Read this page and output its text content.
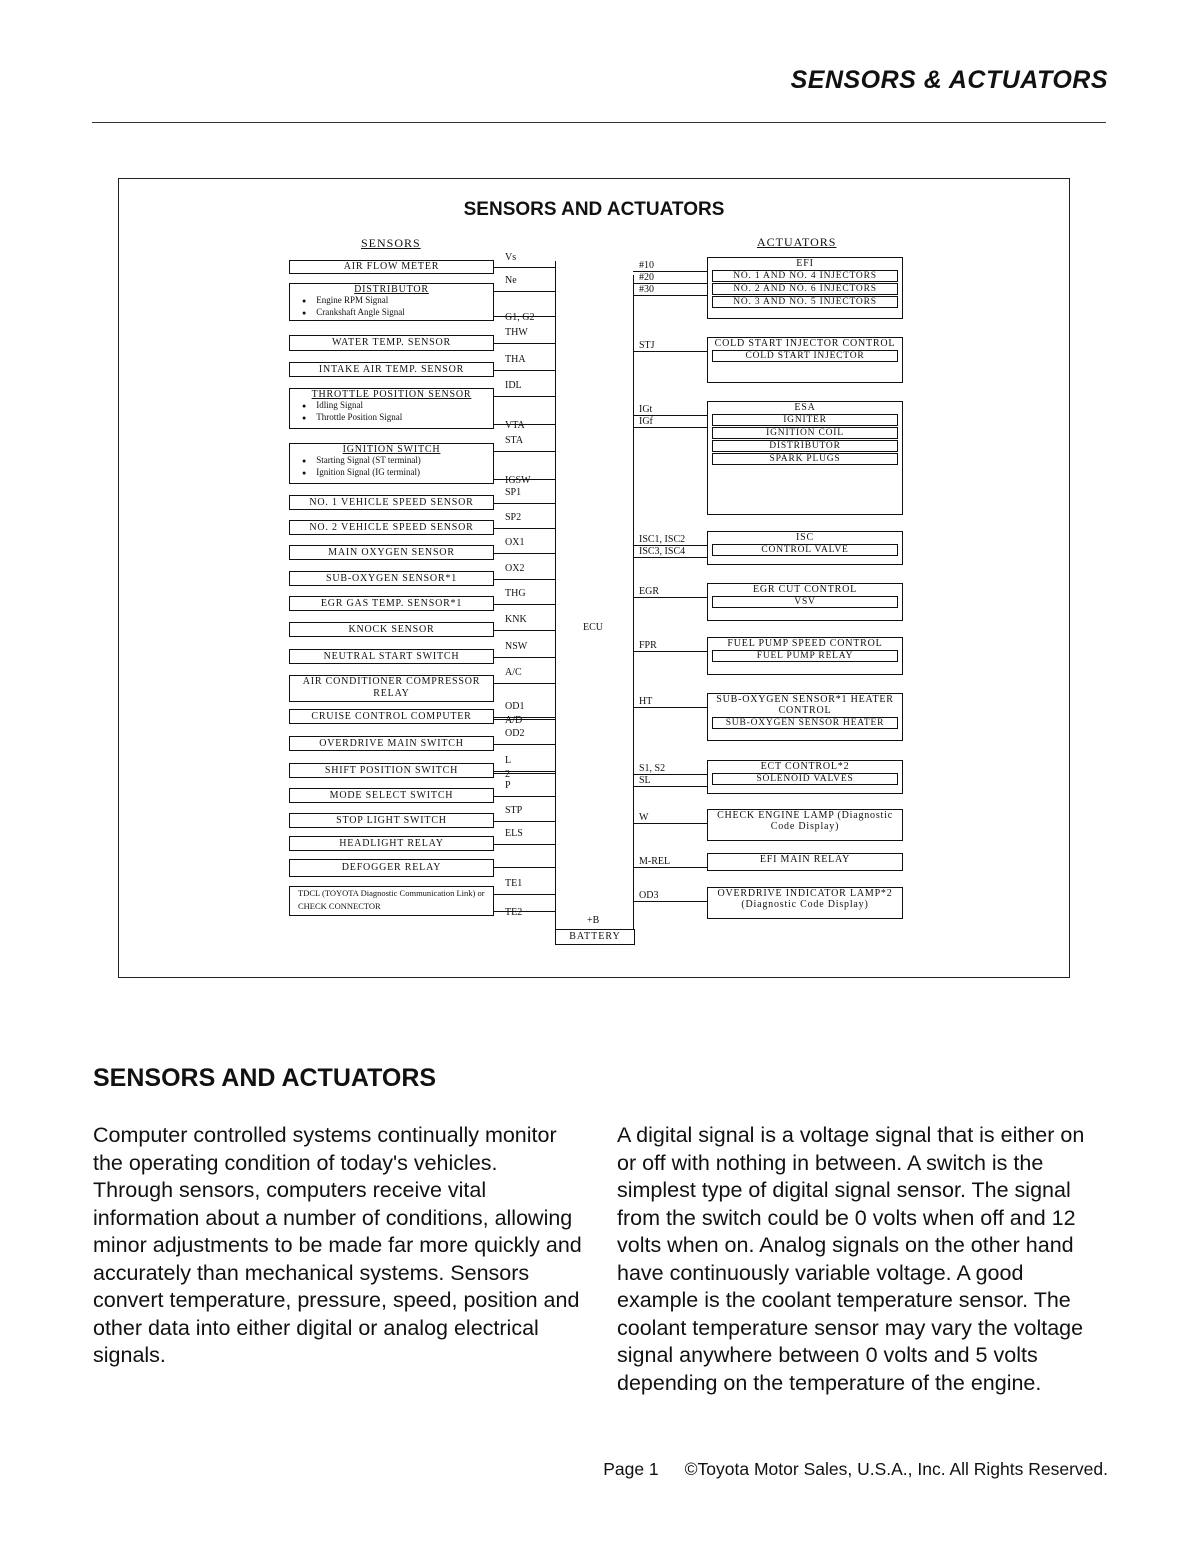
SENSORS & ACTUATORS
SENSORS AND ACTUATORS
SENSORS	ACTUATORS
ECU
+B
BATTERY
AIR FLOW METER
Vs
DISTRIBUTOR
● Engine RPM Signal
● Crankshaft Angle Signal
Ne
G1, G2
WATER TEMP. SENSOR
THW
INTAKE AIR TEMP. SENSOR
THA
THROTTLE POSITION SENSOR
● Idling Signal
● Throttle Position Signal
IDL
VTA
IGNITION SWITCH
● Starting Signal (ST terminal)
● Ignition Signal (IG terminal)
STA
IGSW
NO. 1 VEHICLE SPEED SENSOR
SP1
NO. 2 VEHICLE SPEED SENSOR
SP2
MAIN OXYGEN SENSOR
OX1
SUB-OXYGEN SENSOR*1
OX2
EGR GAS TEMP. SENSOR*1
THG
KNOCK SENSOR
KNK
NEUTRAL START SWITCH
NSW
AIR CONDITIONER COMPRESSOR RELAY
A/C
CRUISE CONTROL COMPUTER
OD1
A/D
OVERDRIVE MAIN SWITCH
OD2
SHIFT POSITION SWITCH
L
2
MODE SELECT SWITCH
P
STOP LIGHT SWITCH
STP
HEADLIGHT RELAY
ELS
DEFOGGER RELAY
TDCL (TOYOTA Diagnostic Communication Link) or CHECK CONNECTOR
TE1
TE2
EFI
NO. 1 AND NO. 4 INJECTORS
NO. 2 AND NO. 6 INJECTORS
NO. 3 AND NO. 5 INJECTORS
#10
#20
#30
COLD START INJECTOR CONTROL
COLD START INJECTOR
STJ
ESA
IGNITER
IGNITION COIL
DISTRIBUTOR
SPARK PLUGS
IGt
IGf
ISC
CONTROL VALVE
ISC1, ISC2
ISC3, ISC4
EGR CUT CONTROL
VSV
EGR
FUEL PUMP SPEED CONTROL
FUEL PUMP RELAY
FPR
SUB-OXYGEN SENSOR*1 HEATER CONTROL
SUB-OXYGEN SENSOR HEATER
HT
ECT CONTROL*2
SOLENOID VALVES
S1, S2
SL
CHECK ENGINE LAMP (Diagnostic Code Display)
W
EFI MAIN RELAY
M-REL
OVERDRIVE INDICATOR LAMP*2 (Diagnostic Code Display)
OD3
SENSORS AND ACTUATORS
Computer controlled systems continually monitor the operating condition of today's vehicles. Through sensors, computers receive vital information about a number of conditions, allowing minor adjustments to be made far more quickly and accurately than mechanical systems. Sensors convert temperature, pressure, speed, position and other data into either digital or analog electrical signals.
A digital signal is a voltage signal that is either on or off with nothing in between. A switch is the simplest type of digital signal sensor. The signal from the switch could be 0 volts when off and 12 volts when on. Analog signals on the other hand have continuously variable voltage. A good example is the coolant temperature sensor. The coolant temperature sensor may vary the voltage signal anywhere between 0 volts and 5 volts depending on the temperature of the engine.
Page 1 ©Toyota Motor Sales, U.S.A., Inc. All Rights Reserved.
